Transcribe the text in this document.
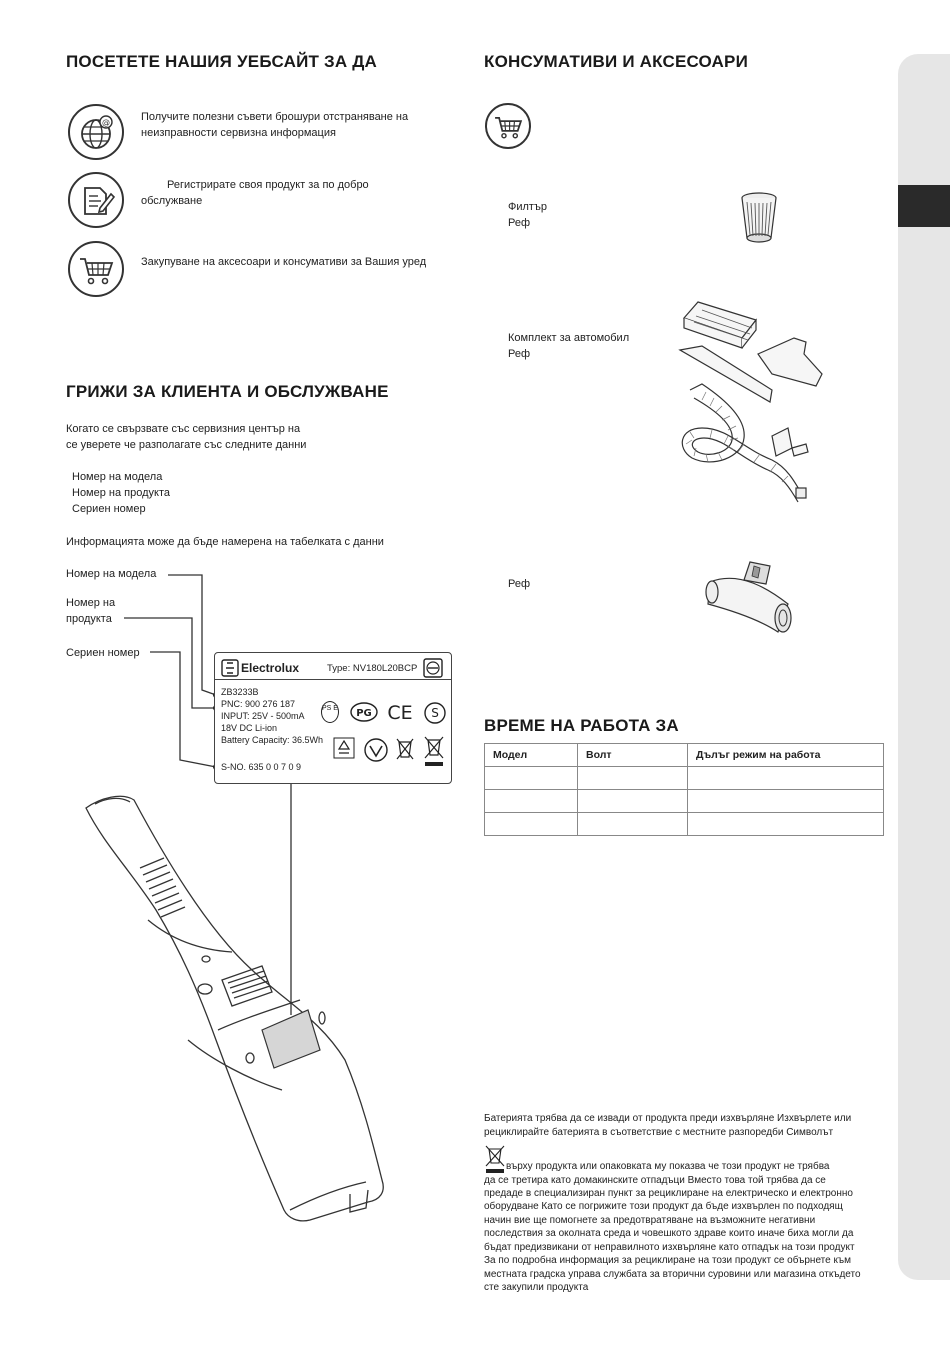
ПОСЕТЕТЕ НАШИЯ УЕБСАЙТ ЗА ДА
@	Получите полезни съвети брошури отстраняване на неизправности сервизна информация
Регистрирате своя продукт за по добро обслужване
Закупуване на аксесоари и консумативи за Вашия уред
ГРИЖИ ЗА КЛИЕНТА И ОБСЛУЖВАНЕ
Когато се свързвате със сервизния център на
се уверете че разполагате със следните данни
Номер на модела
Номер на продукта
Сериен номер
Информацията може да бъде намерена на табелката с данни
Номер на модела
Номер на
продукта
Сериен номер
Electrolux	Type: NV180L20BCP
ZB3233B
PNC: 900 276 187
INPUT: 25V - 500mA
18V DC Li-ion
Battery Capacity: 36.5Wh
S-NO. 635 0 0 7 0 9
PS E PG CE S
КОНСУМАТИВИ И АКСЕСОАРИ
Филтър
Реф
Комплект за автомобил
Реф
Реф
ВРЕМЕ НА РАБОТА ЗА
Модел	Волт	Дълъг режим на работа

Батерията трябва да се извади от продукта преди изхвърляне Изхвърлете или
рециклирайте батерията в съответствие с местните разпоредби Символът
върху продукта или опаковката му показва че този продукт не трябва
да се третира като домакинските отпадъци Вместо това той трябва да се
предаде в специализиран пункт за рециклиране на електрическо и електронно
оборудване Като се погрижите този продукт да бъде изхвърлен по подходящ
начин вие ще помогнете за предотвратяване на възможните негативни
последствия за околната среда и човешкото здраве които иначе биха могли да
бъдат предизвикани от неправилното изхвърляне като отпадък на този продукт
За по подробна информация за рециклиране на този продукт се обърнете към
местната градска управа службата за вторични суровини или магазина откъдето
сте закупили продукта
